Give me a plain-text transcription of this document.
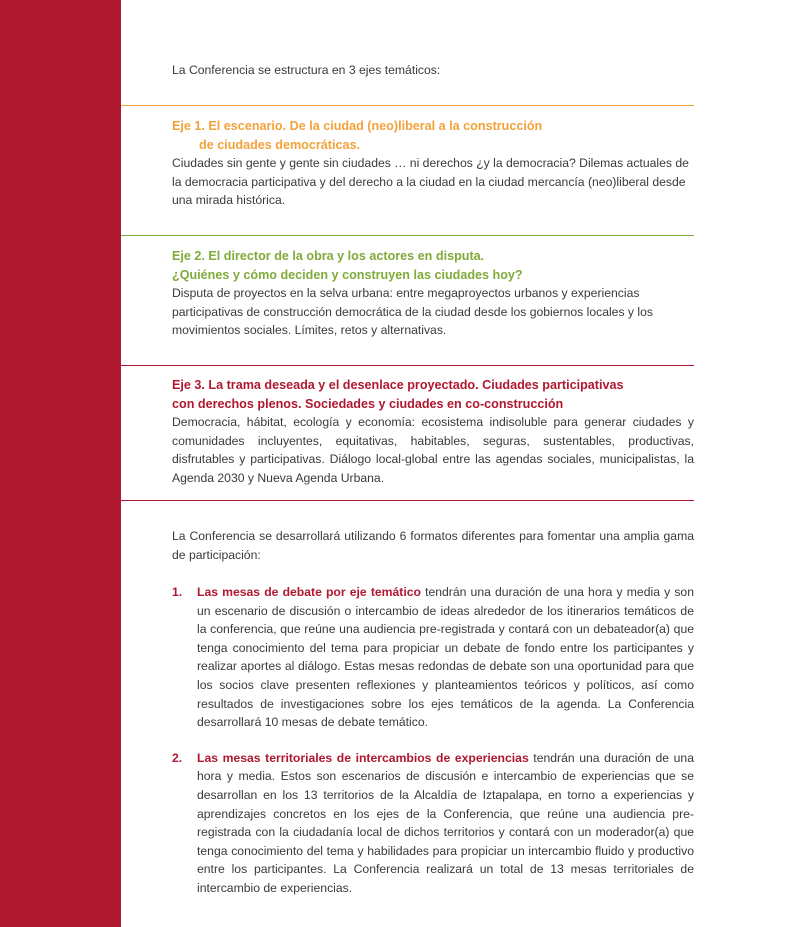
La Conferencia se estructura en 3 ejes temáticos:

Eje 1. El escenario. De la ciudad (neo)liberal a la construcción
de ciudades democráticas.

Ciudades sin gente y gente sin ciudades … ni derechos ¿y la democracia? Dilemas actuales de la democracia participativa y del derecho a la ciudad en la ciudad mercancía (neo)liberal desde una mirada histórica.

Eje 2. El director de la obra y los actores en disputa.
¿Quiénes y cómo deciden y construyen las ciudades hoy?

Disputa de proyectos en la selva urbana: entre megaproyectos urbanos y experiencias participativas de construcción democrática de la ciudad desde los gobiernos locales y los movimientos sociales. Límites, retos y alternativas.

Eje 3. La trama deseada y el desenlace proyectado. Ciudades participativas
con derechos plenos. Sociedades y ciudades en co-construcción

Democracia, hábitat, ecología y economía: ecosistema indisoluble para generar ciudades y comunidades incluyentes, equitativas, habitables, seguras, sustentables, productivas, disfrutables y participativas. Diálogo local-global entre las agendas sociales, municipalistas, la Agenda 2030 y Nueva Agenda Urbana.

La Conferencia se desarrollará utilizando 6 formatos diferentes para fomentar una amplia gama de participación:

1. Las mesas de debate por eje temático tendrán una duración de una hora y media y son un escenario de discusión o intercambio de ideas alrededor de los itinerarios temáticos de la conferencia, que reúne una audiencia pre-registrada y contará con un debateador(a) que tenga conocimiento del tema para propiciar un debate de fondo entre los participantes y realizar aportes al diálogo. Estas mesas redondas de debate son una oportunidad para que los socios clave presenten reflexiones y planteamientos teóricos y políticos, así como resultados de investigaciones sobre los ejes temáticos de la agenda. La Conferencia desarrollará 10 mesas de debate temático.
2. Las mesas territoriales de intercambios de experiencias tendrán una duración de una hora y media. Estos son escenarios de discusión e intercambio de experiencias que se desarrollan en los 13 territorios de la Alcaldía de Iztapalapa, en torno a experiencias y aprendizajes concretos en los ejes de la Conferencia, que reúne una audiencia pre-registrada con la ciudadanía local de dichos territorios y contará con un moderador(a) que tenga conocimiento del tema y habilidades para propiciar un intercambio fluido y productivo entre los participantes. La Conferencia realizará un total de 13 mesas territoriales de intercambio de experiencias.
